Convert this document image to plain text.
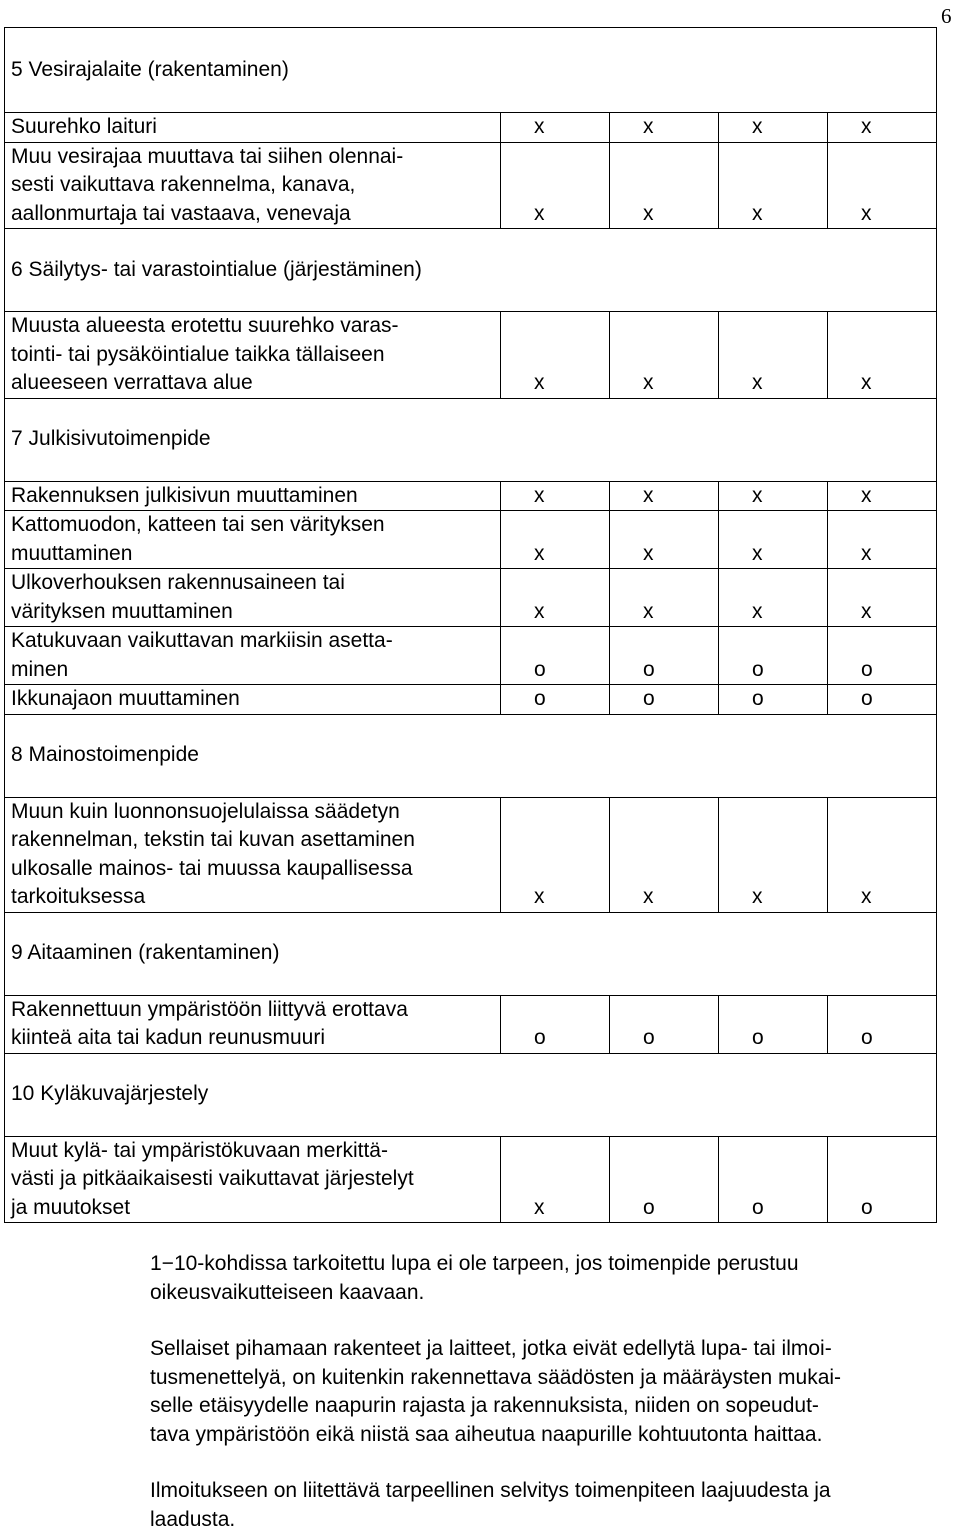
6
5 Vesirajalaite (rakentaminen)				

Suurehko laituri	x	x	x	x

Muu vesirajaa muuttava tai siihen olennai-
sesti vaikuttava rakennelma, kanava,
aallonmurtaja tai vastaava, venevaja	x	x	x	x
6 Säilytys- tai varastointialue (järjestäminen)				

Muusta alueesta erotettu suurehko varas-
tointi- tai pysäköintialue taikka tällaiseen
alueeseen verrattava alue	x	x	x	x
7 Julkisivutoimenpide				

Rakennuksen julkisivun muuttaminen	x	x	x	x

Kattomuodon, katteen tai sen värityksen
muuttaminen	x	x	x	x

Ulkoverhouksen rakennusaineen tai
värityksen muuttaminen	x	x	x	x

Katukuvaan vaikuttavan markiisin asetta-
minen	o	o	o	o

Ikkunajaon muuttaminen	o	o	o	o
8 Mainostoimenpide				

Muun kuin luonnonsuojelulaissa säädetyn
rakennelman, tekstin tai kuvan asettaminen
ulkosalle mainos- tai muussa kaupallisessa
tarkoituksessa	x	x	x	x
9 Aitaaminen (rakentaminen)				

Rakennettuun ympäristöön liittyvä erottava
kiinteä aita tai kadun reunusmuuri	o	o	o	o
10 Kyläkuvajärjestely				

Muut kylä- tai ympäristökuvaan merkittä-
västi ja pitkäaikaisesti vaikuttavat järjestelyt
ja muutokset	x	o	o	o

1−10-kohdissa tarkoitettu lupa ei ole tarpeen, jos toimenpide perustuu
oikeusvaikutteiseen kaavaan.

Sellaiset pihamaan rakenteet ja laitteet, jotka eivät edellytä lupa- tai ilmoi-
tusmenettelyä, on kuitenkin rakennettava säädösten ja määräysten mukai-
selle etäisyydelle naapurin rajasta ja rakennuksista, niiden on sopeudut-
tava ympäristöön eikä niistä saa aiheutua naapurille kohtuutonta haittaa.

Ilmoitukseen on liitettävä tarpeellinen selvitys toimenpiteen laajuudesta ja
laadusta.
